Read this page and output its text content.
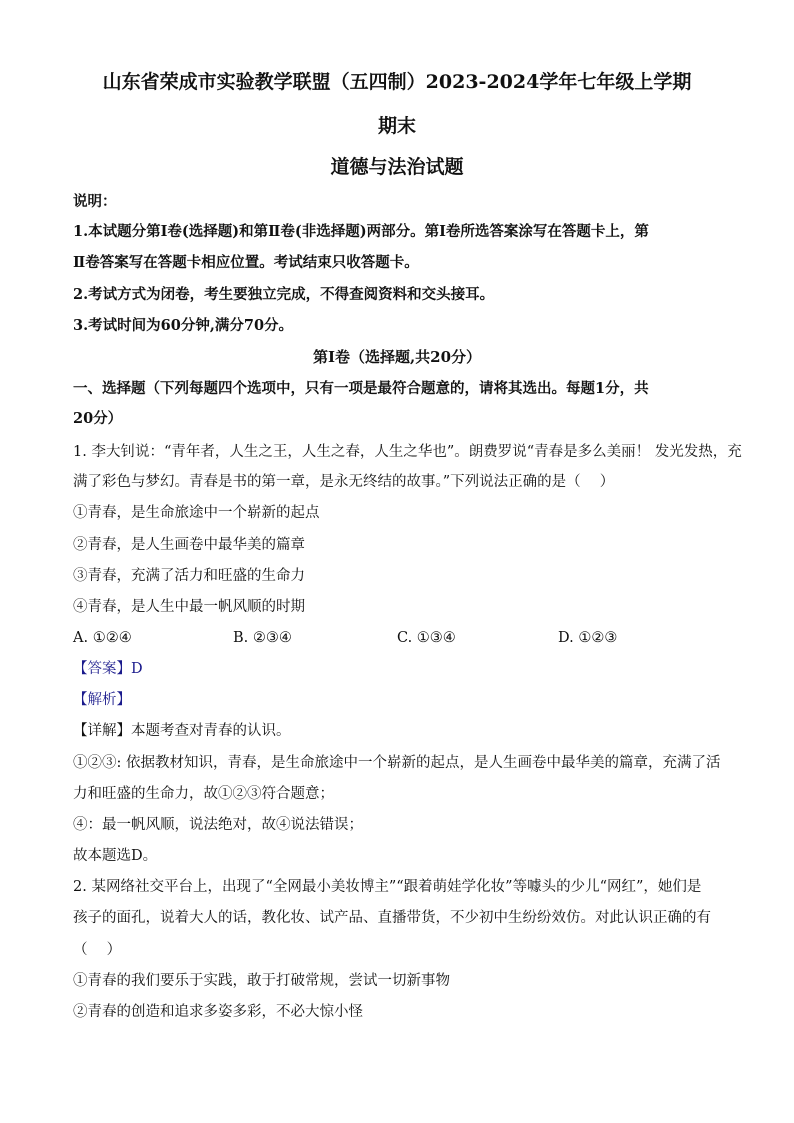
山东省荣成市实验教学联盟（五四制）2023-2024学年七年级上学期
期末
道德与法治试题
说明：
1.本试题分第Ⅰ卷(选择题)和第Ⅱ卷(非选择题)两部分。第Ⅰ卷所选答案涂写在答题卡上，第
Ⅱ卷答案写在答题卡相应位置。考试结束只收答题卡。
2.考试方式为闭卷，考生要独立完成，不得查阅资料和交头接耳。
3.考试时间为60分钟,满分70分。
第Ⅰ卷（选择题,共20分）
一、选择题（下列每题四个选项中，只有一项是最符合题意的，请将其选出。每题1分，共
20分）
1. 李大钊说：“青年者，人生之王，人生之春，人生之华也”。朗费罗说“青春是多么美丽！ 发光发热，充
满了彩色与梦幻。青春是书的第一章，是永无终结的故事。”下列说法正确的是（　 ）
①青春，是生命旅途中一个崭新的起点
②青春，是人生画卷中最华美的篇章
③青春，充满了活力和旺盛的生命力
④青春，是人生中最一帆风顺的时期
A. ①②④	B. ②③④	C. ①③④	D. ①②③
【答案】D
【解析】
【详解】本题考查对青春的认识。
①②③: 依据教材知识，青春，是生命旅途中一个崭新的起点，是人生画卷中最华美的篇章，充满了活
力和旺盛的生命力，故①②③符合题意；
④：最一帆风顺，说法绝对，故④说法错误；
故本题选D。
2. 某网络社交平台上，出现了“全网最小美妆博主”“跟着萌娃学化妆”等噱头的少儿“网红”，她们是
孩子的面孔，说着大人的话，教化妆、试产品、直播带货，不少初中生纷纷效仿。对此认识正确的有
（　 ）
①青春的我们要乐于实践，敢于打破常规，尝试一切新事物
②青春的创造和追求多姿多彩，不必大惊小怪
